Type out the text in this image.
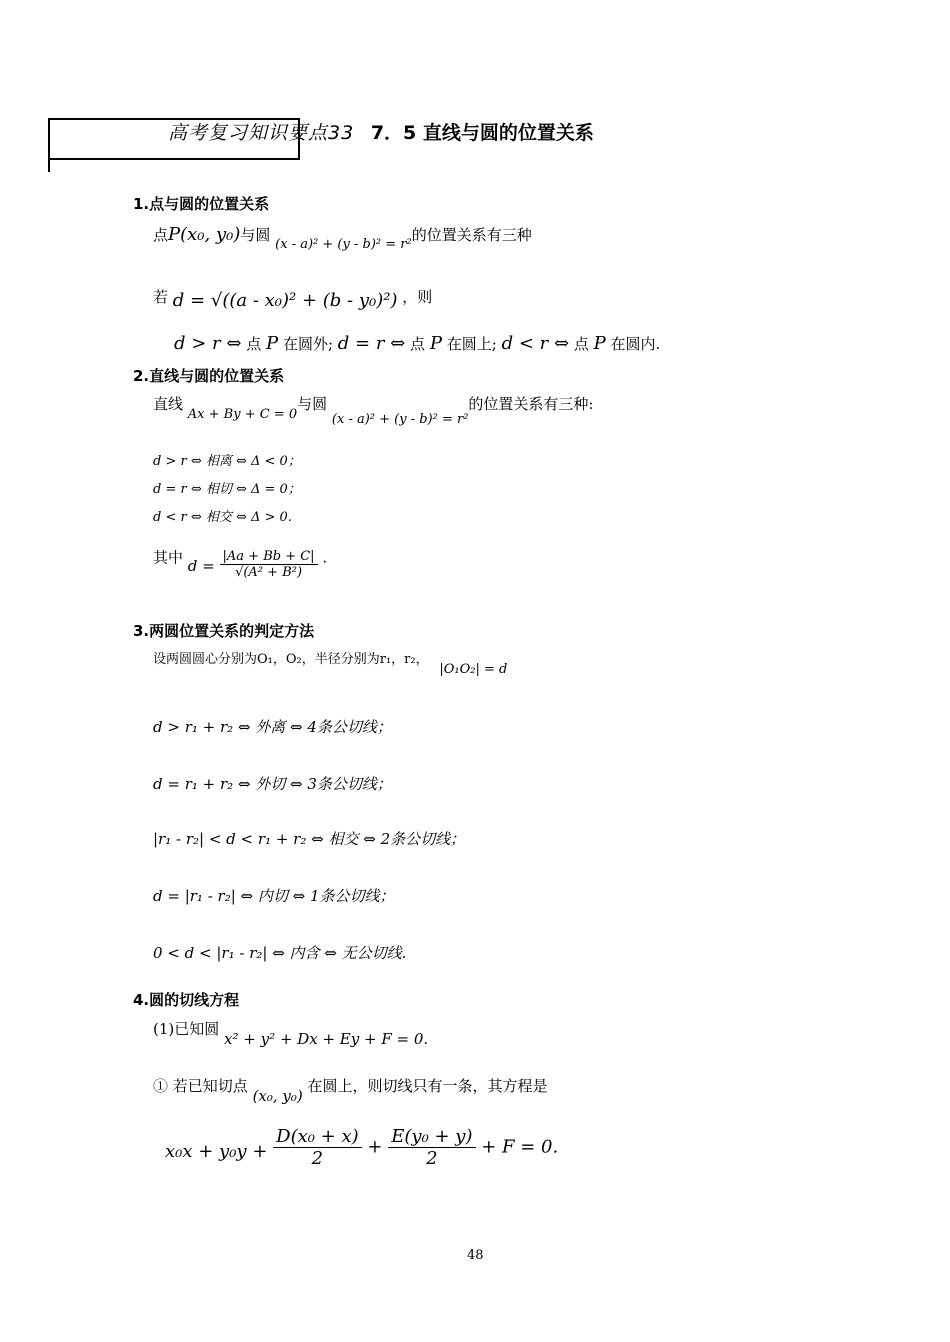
高考复习知识要点33 7．5 直线与圆的位置关系
1.点与圆的位置关系
点P(x₀, y₀)与圆 (x - a)² + (y - b)² = r²的位置关系有三种
若 d = √((a - x₀)² + (b - y₀)²) ，则
d > r ⇔ 点 P 在圆外; d = r ⇔ 点 P 在圆上; d < r ⇔ 点 P 在圆内.
2.直线与圆的位置关系
直线 Ax + By + C = 0与圆 (x - a)² + (y - b)² = r²的位置关系有三种:
d > r ⇔ 相离 ⇔ Δ < 0；
d = r ⇔ 相切 ⇔ Δ = 0；
d < r ⇔ 相交 ⇔ Δ > 0.
其中 $d = \frac{|Aa + Bb + C|}{\text{√(A² + B²)}}$ .
3.两圆位置关系的判定方法
设两圆圆心分别为O₁，O₂，半径分别为r₁，r₂， |O₁O₂| = d
d > r₁ + r₂ ⇔ 外离 ⇔ 4条公切线；
d = r₁ + r₂ ⇔ 外切 ⇔ 3条公切线；
|r₁ - r₂| < d < r₁ + r₂ ⇔ 相交 ⇔ 2条公切线；
d = |r₁ - r₂| ⇔ 内切 ⇔ 1条公切线；
0 < d < |r₁ - r₂| ⇔ 内含 ⇔ 无公切线.
4.圆的切线方程
(1)已知圆 x² + y² + Dx + Ey + F = 0.
① 若已知切点 (x₀, y₀) 在圆上，则切线只有一条，其方程是
$x_0x + y_0y + \frac{\text{D(x₀ + x)}}{2} + \frac{\text{E(y₀ + y)}}{2} + F = 0$.
48
